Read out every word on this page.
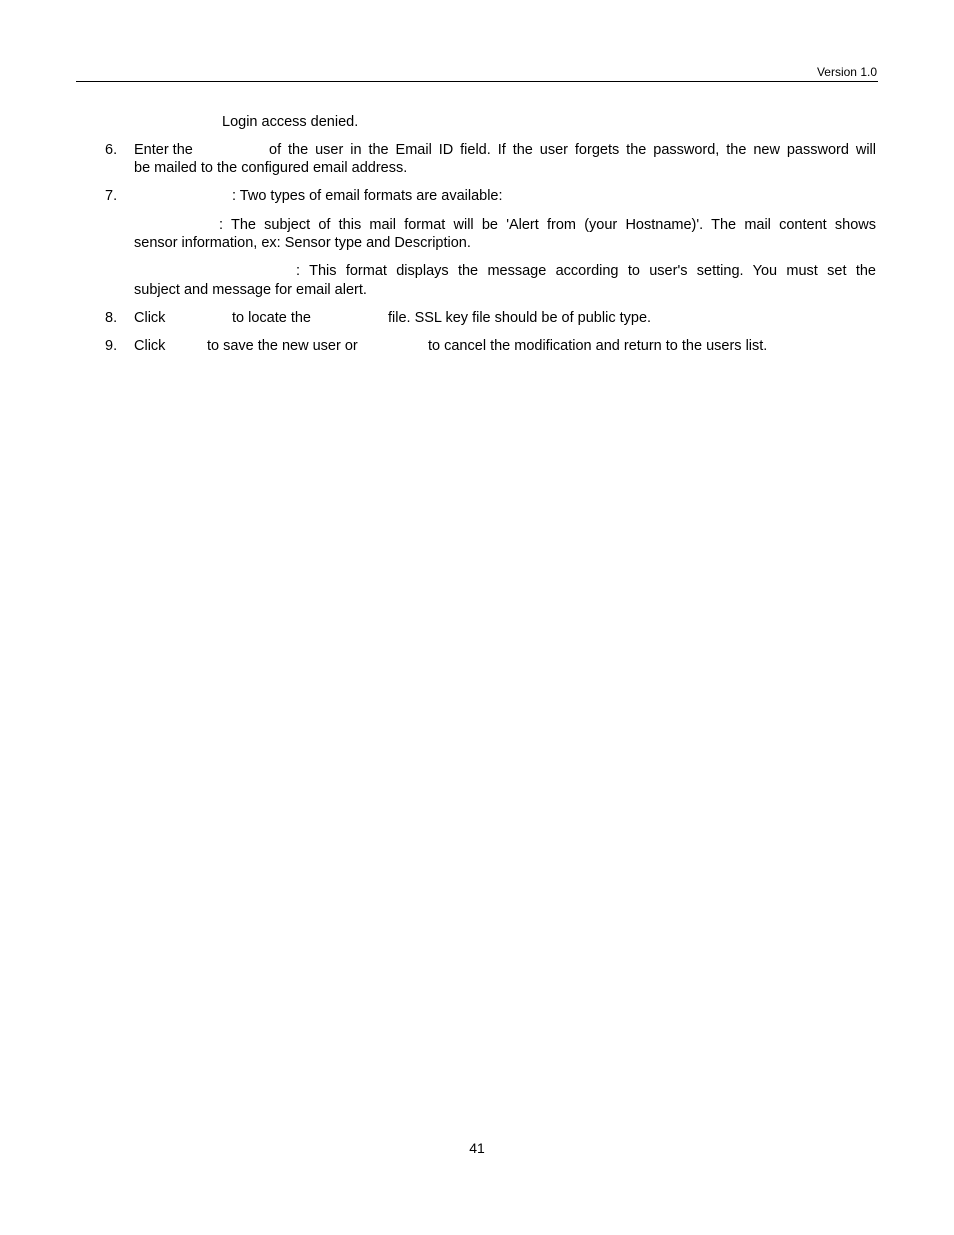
Version 1.0
Login access denied.
6. Enter the	of the user in the Email ID field. If the user forgets the password, the new password will
be mailed to the configured email address.
7.	: Two types of email formats are available:
: The subject of this mail format will be 'Alert from (your Hostname)'. The mail content shows
sensor information, ex: Sensor type and Description.
: This format displays the message according to user's setting. You must set the
subject and message for email alert.
8. Click	to locate the	file. SSL key file should be of public type.
9. Click	to save the new user or	to cancel the modification and return to the users list.
41
